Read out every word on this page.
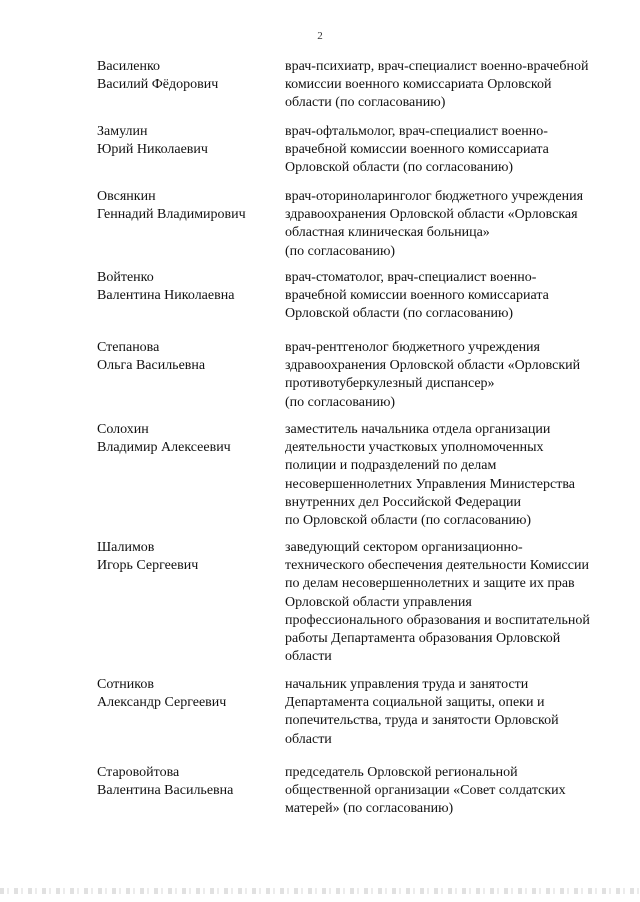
2
Василенко
Василий Фёдорович
врач-психиатр, врач-специалист военно-врачебной
комиссии военного комиссариата Орловской
области (по согласованию)
Замулин
Юрий Николаевич
врач-офтальмолог, врач-специалист военно-
врачебной комиссии военного комиссариата
Орловской области (по согласованию)
Овсянкин
Геннадий Владимирович
врач-оториноларинголог бюджетного учреждения
здравоохранения Орловской области «Орловская
областная клиническая больница»
(по согласованию)
Войтенко
Валентина Николаевна
врач-стоматолог, врач-специалист военно-
врачебной комиссии военного комиссариата
Орловской области (по согласованию)
Степанова
Ольга Васильевна
врач-рентгенолог бюджетного учреждения
здравоохранения Орловской области «Орловский
противотуберкулезный диспансер»
(по согласованию)
Солохин
Владимир Алексеевич
заместитель начальника отдела организации
деятельности участковых уполномоченных
полиции и подразделений по делам
несовершеннолетних Управления Министерства
внутренних дел Российской Федерации
по Орловской области (по согласованию)
Шалимов
Игорь Сергеевич
заведующий сектором организационно-
технического обеспечения деятельности Комиссии
по делам несовершеннолетних и защите их прав
Орловской области управления
профессионального образования и воспитательной
работы Департамента образования Орловской
области
Сотников
Александр Сергеевич
начальник управления труда и занятости
Департамента социальной защиты, опеки и
попечительства, труда и занятости Орловской
области
Старовойтова
Валентина Васильевна
председатель Орловской региональной
общественной организации «Совет солдатских
матерей» (по согласованию)
